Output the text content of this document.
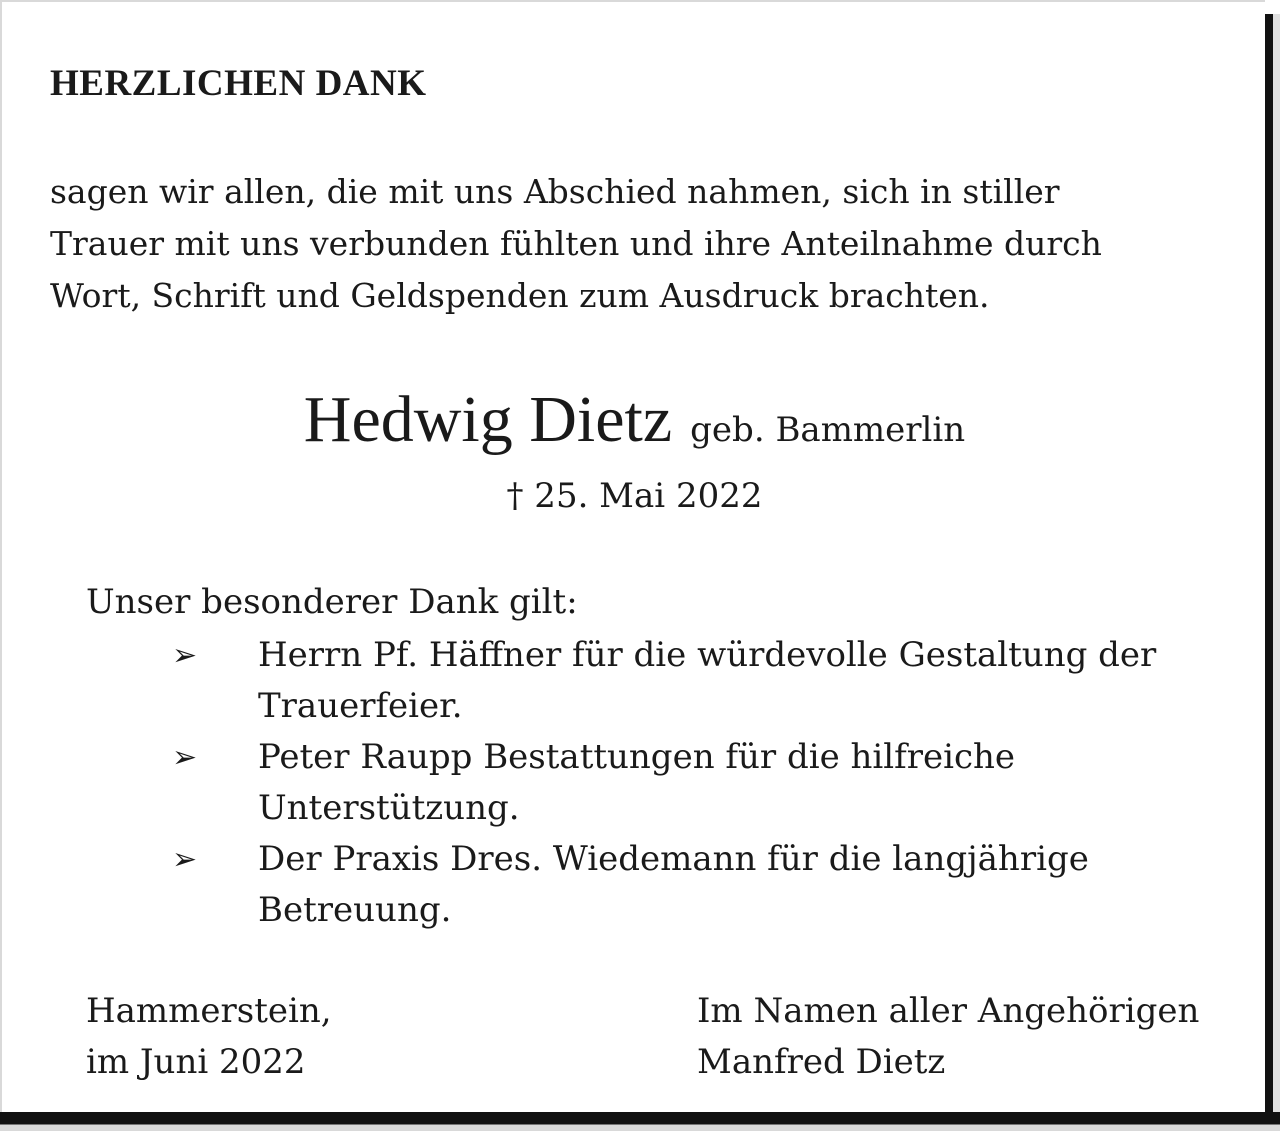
HERZLICHEN DANK

sagen wir allen, die mit uns Abschied nahmen, sich in stiller
Trauer mit uns verbunden fühlten und ihre Anteilnahme durch
Wort, Schrift und Geldspenden zum Ausdruck brachten.

Hedwig Dietz geb. Bammerlin

† 25. Mai 2022

Unser besonderer Dank gilt:

➢ Herrn Pf. Häffner für die würdevolle Gestaltung der
Trauerfeier.
➢ Peter Raupp Bestattungen für die hilfreiche
Unterstützung.
➢ Der Praxis Dres. Wiedemann für die langjährige
Betreuung.

Hammerstein,
im Juni 2022

Im Namen aller Angehörigen
Manfred Dietz
